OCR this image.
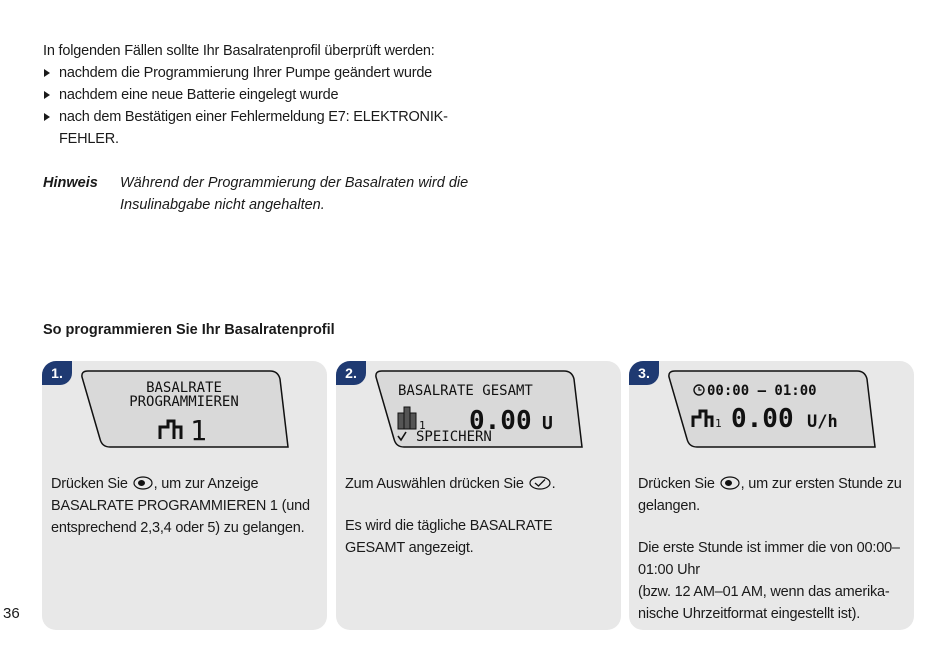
In folgenden Fällen sollte Ihr Basalratenprofil überprüft werden:
nachdem die Programmierung Ihrer Pumpe geändert wurde
nachdem eine neue Batterie eingelegt wurde
nach dem Bestätigen einer Fehlermeldung E7: ELEKTRONIK-FEHLER.
Hinweis Während der Programmierung der Basalraten wird die Insulinabgabe nicht angehalten.
So programmieren Sie Ihr Basalratenprofil
1.
BASALRATE
PROGRAMMIEREN
1

Drücken Sie , um zur Anzeige BASALRATE PROGRAMMIEREN 1 (und entsprechend 2,3,4 oder 5) zu gelangen.

2.
BASALRATE GESAMT
1 0.00 U
SPEICHERN

Zum Auswählen drücken Sie .

Es wird die tägliche BASALRATE GESAMT angezeigt.

3.
00:00 – 01:00
1 0.00 U/h

Drücken Sie , um zur ersten Stunde zu gelangen.

Die erste Stunde ist immer die von 00:00–01:00 Uhr

(bzw. 12 AM–01 AM, wenn das amerika-nische Uhrzeitformat eingestellt ist).

36
